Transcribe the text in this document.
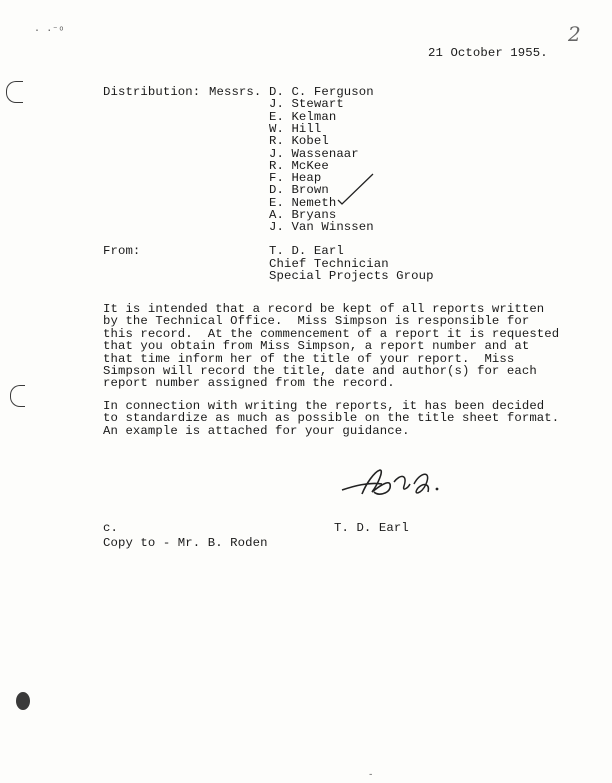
· ·⁻ᵒ	2
21 October 1955.
Distribution: Messrs. D. C. Ferguson
J. Stewart
E. Kelman
W. Hill
R. Kobel
J. Wassenaar
R. McKee
F. Heap
D. Brown
E. Nemeth
A. Bryans
J. Van Winssen
From:	T. D. Earl
Chief Technician
Special Projects Group
It is intended that a record be kept of all reports written
by the Technical Office.  Miss Simpson is responsible for
this record.  At the commencement of a report it is requested
that you obtain from Miss Simpson, a report number and at
that time inform her of the title of your report.  Miss
Simpson will record the title, date and author(s) for each
report number assigned from the record.
In connection with writing the reports, it has been decided
to standardize as much as possible on the title sheet format.
An example is attached for your guidance.
T. D. Earl
c.
Copy to - Mr. B. Roden
-
